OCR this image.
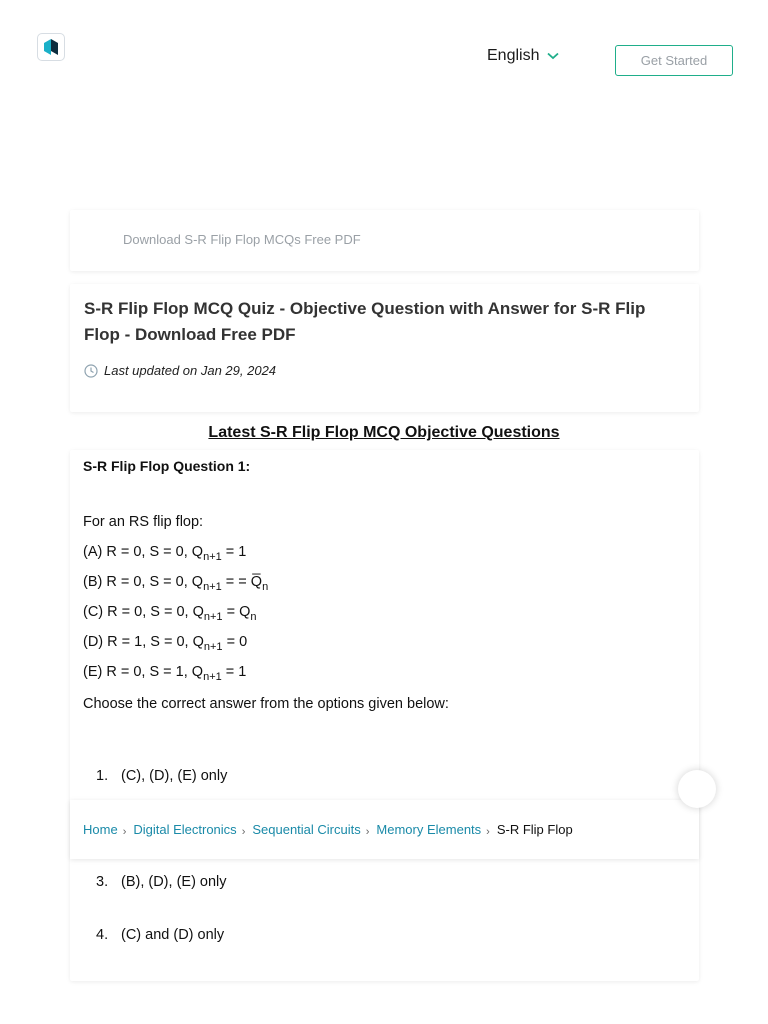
English	Get Started
Download S-R Flip Flop MCQs Free PDF
S-R Flip Flop MCQ Quiz - Objective Question with Answer for S-R Flip Flop - Download Free PDF
Last updated on Jan 29, 2024
Latest S-R Flip Flop MCQ Objective Questions
S-R Flip Flop Question 1:
For an RS flip flop:
(A) R = 0, S = 0, $Q_{n+1} = 1$
(B) R = 0, S = 0, $Q_{n+1}$ = = $Q̅_n$
(C) R = 0, S = 0, $Q_{n+1} = Q_n$
(D) R = 1, S = 0, $Q_{n+1} = 0$
(E) R = 0, S = 1, $Q_{n+1} = 1$
Choose the correct answer from the options given below:
1. (C), (D), (E) only
3. (B), (D), (E) only
4. (C) and (D) only
Home › Digital Electronics › Sequential Circuits › Memory Elements › S-R Flip Flop
